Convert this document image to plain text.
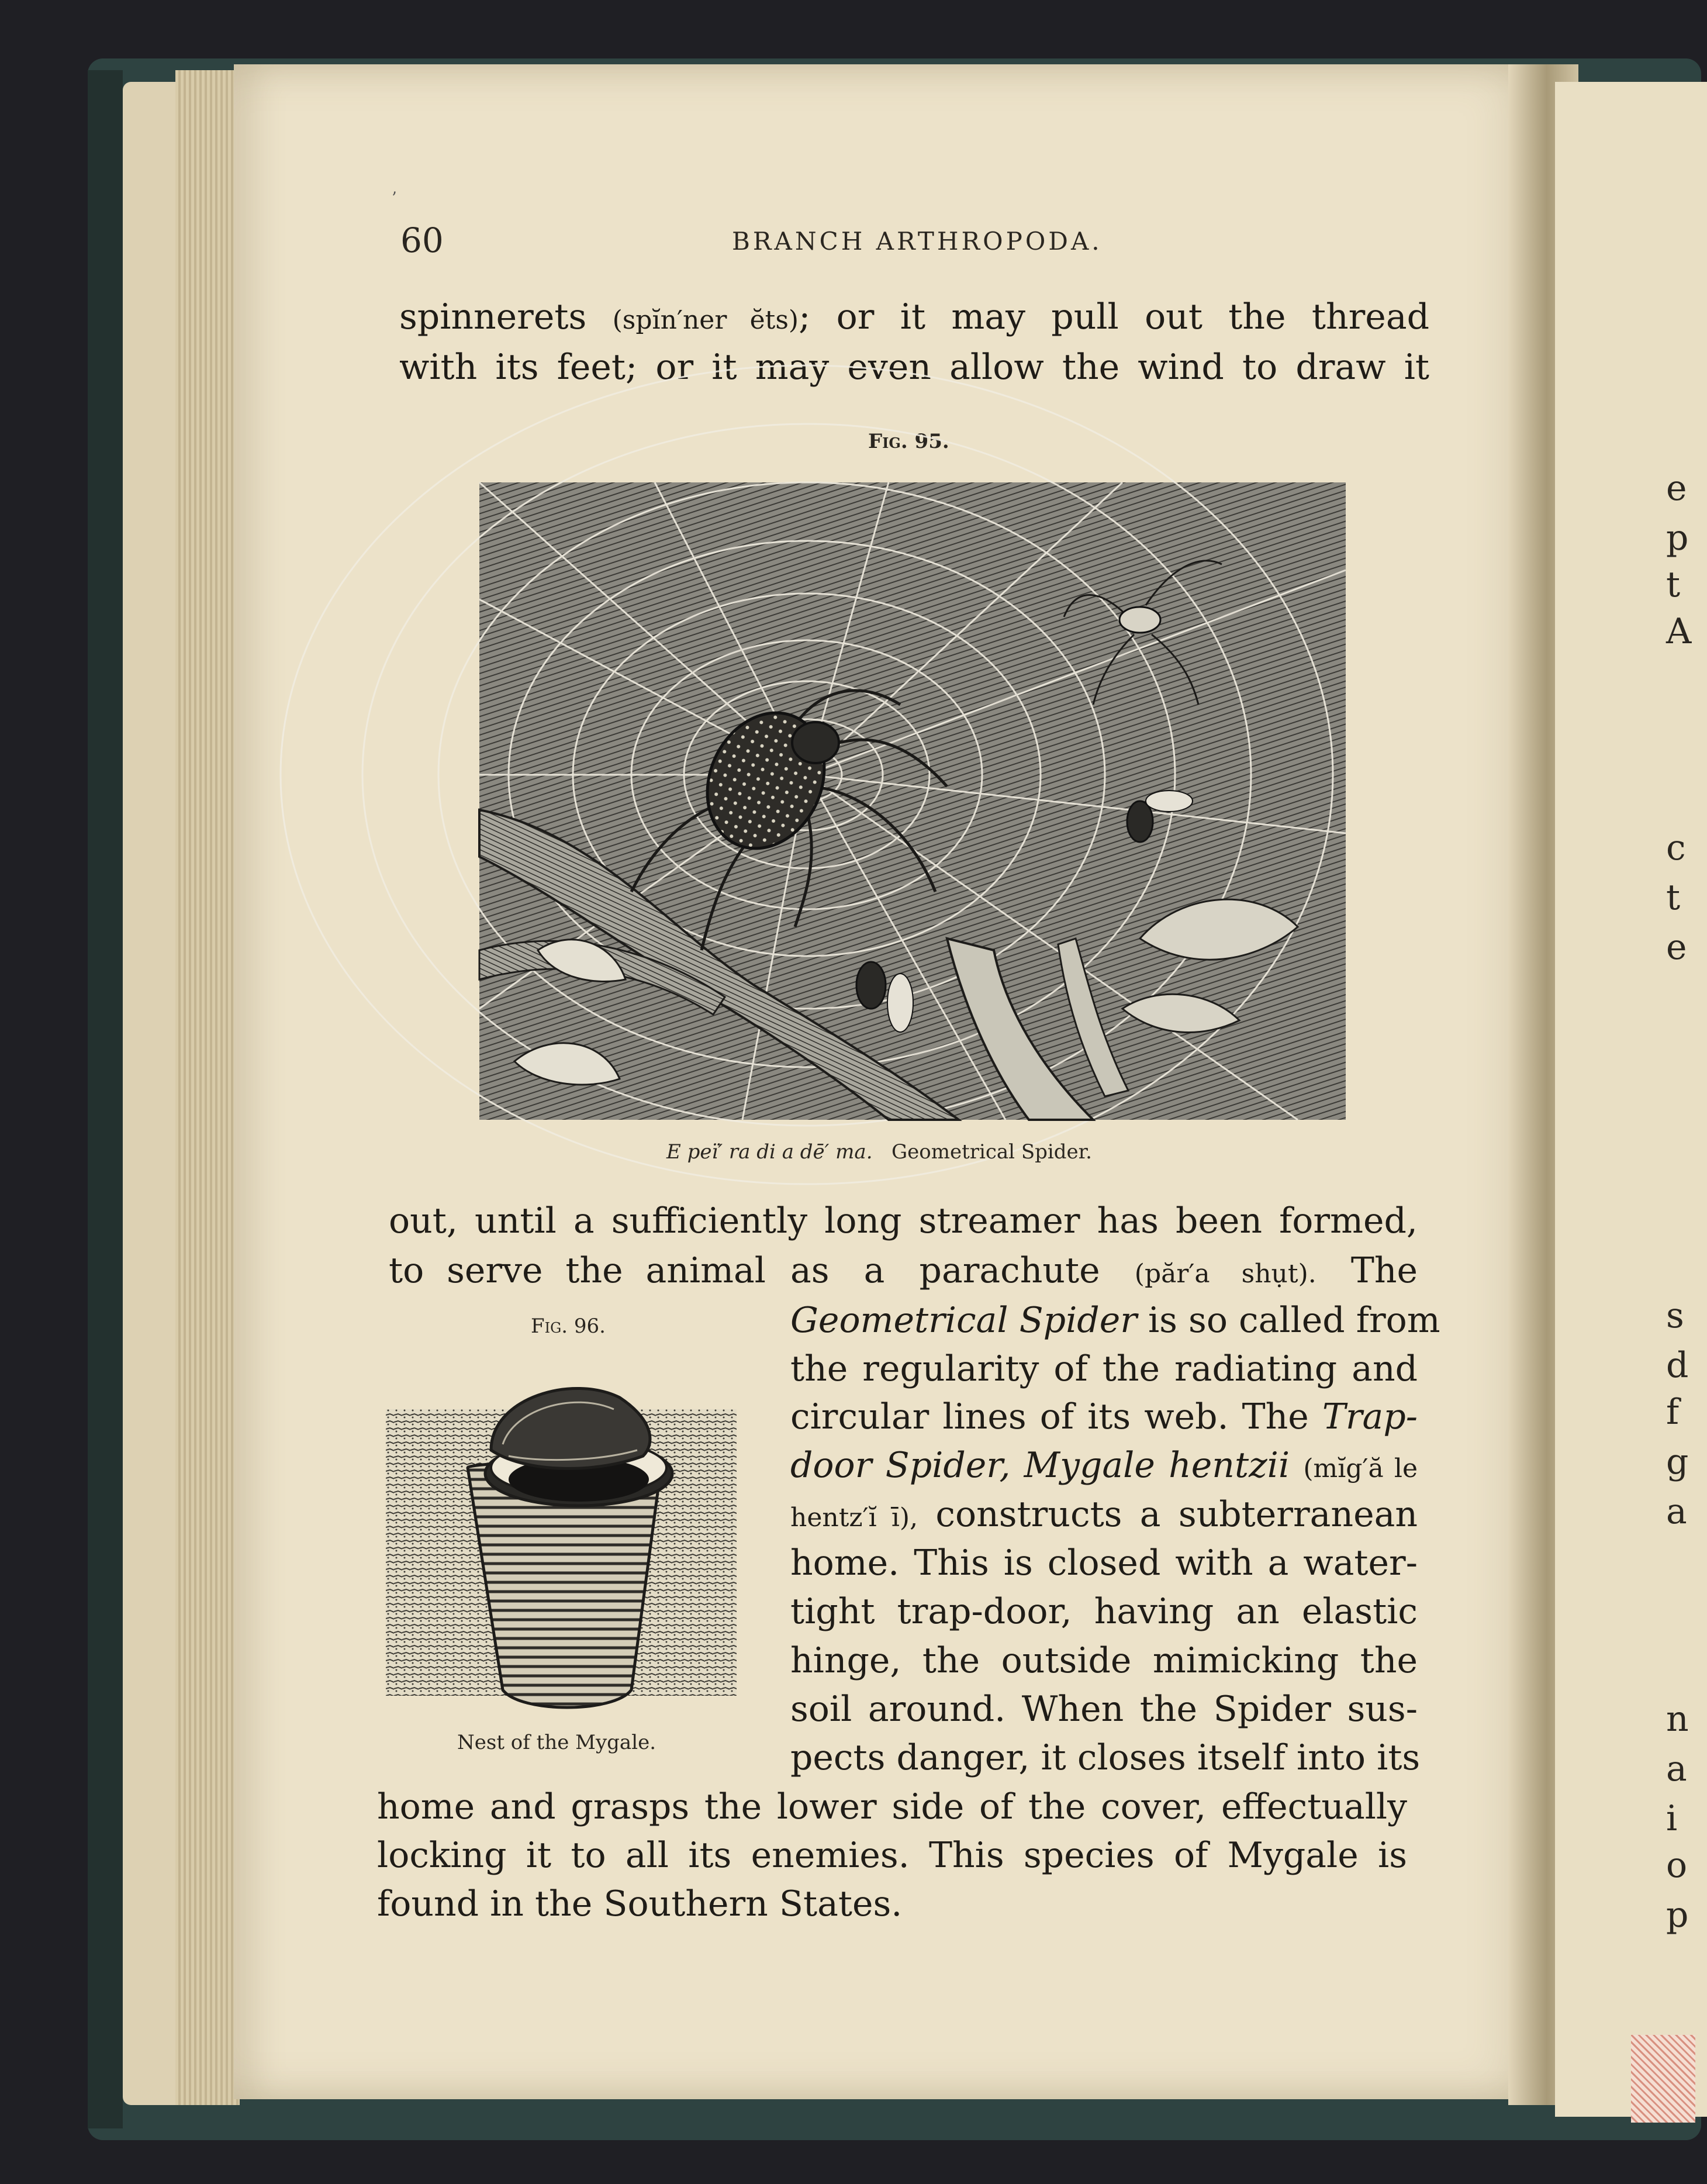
’
60	BRANCH ARTHROPODA.
spinnerets (spĭn′ner ĕts); or it may pull out the thread
with its feet; or it may even allow the wind to draw it
Fig. 95.
E peï′ ra di a dē′ ma. Geometrical Spider.
out, until a sufficiently long streamer has been formed,
to serve the animal as a parachute (păr′a shụt). The
Geometrical Spider is so called from
the regularity of the radiating and
circular lines of its web. The Trap-
door Spider, Mygale hentzii (mĭg′ă le
hentz′ĭ ī), constructs a subterranean
home. This is closed with a water-
tight trap-door, having an elastic
hinge, the outside mimicking the
soil around. When the Spider sus-
pects danger, it closes itself into its
home and grasps the lower side of the cover, effectually
locking it to all its enemies. This species of Mygale is
found in the Southern States.
Fig. 96.
Nest of the Mygale.
e
p
t
A
c
t
e
s
d
f
g
a
n
a
i
o
p
